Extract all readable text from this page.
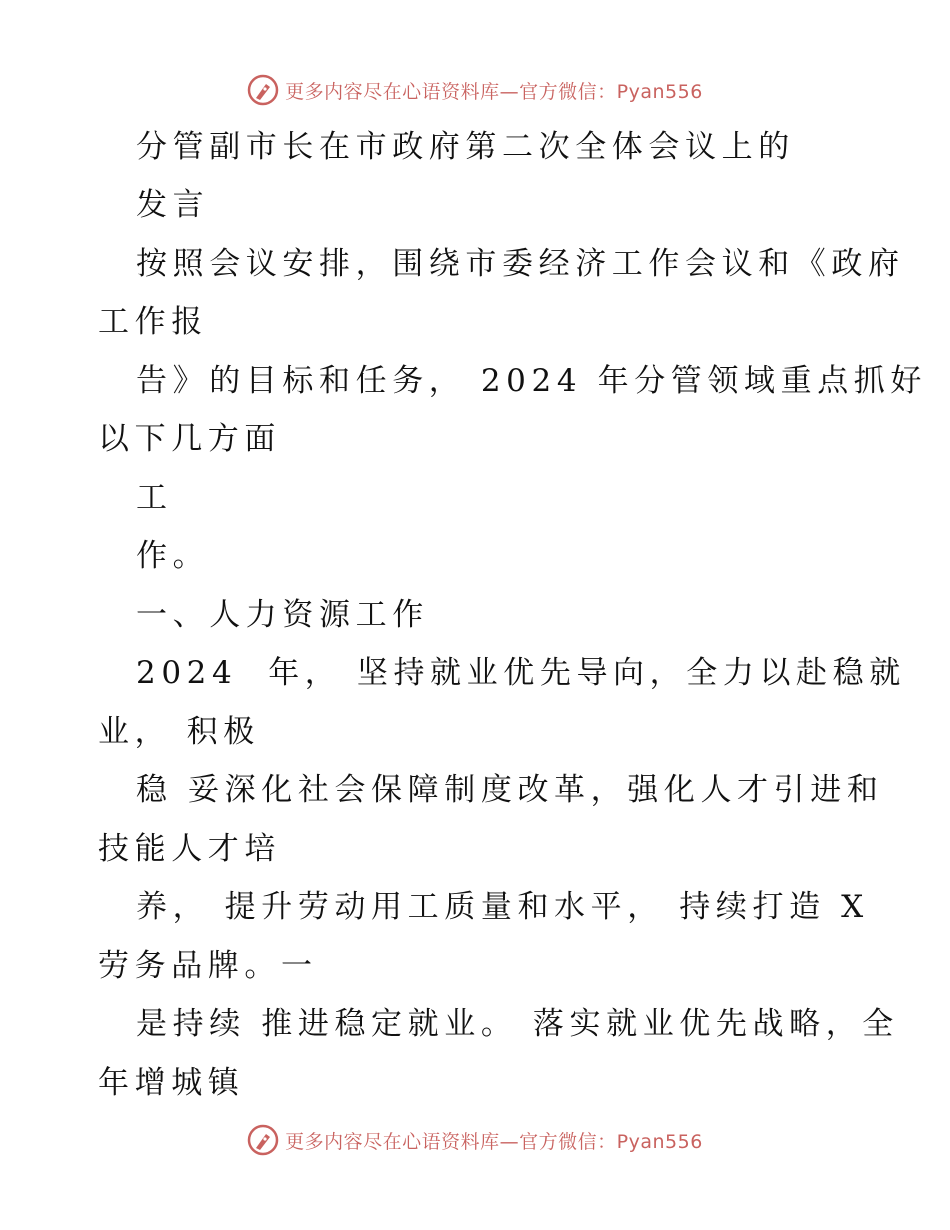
更多内容尽在心语资料库—官方微信：Pyan556
分管副市长在市政府第二次全体会议上的
发言
按照会议安排，围绕市委经济工作会议和《政府
工作报
告》的目标和任务， 2024 年分管领域重点抓好
以下几方面
工
作。
一、人力资源工作
2024  年， 坚持就业优先导向，全力以赴稳就
业， 积极
稳 妥深化社会保障制度改革，强化人才引进和
技能人才培
养， 提升劳动用工质量和水平， 持续打造 X
劳务品牌。一
是持续 推进稳定就业。 落实就业优先战略，全
年增城镇
更多内容尽在心语资料库—官方微信：Pyan556
